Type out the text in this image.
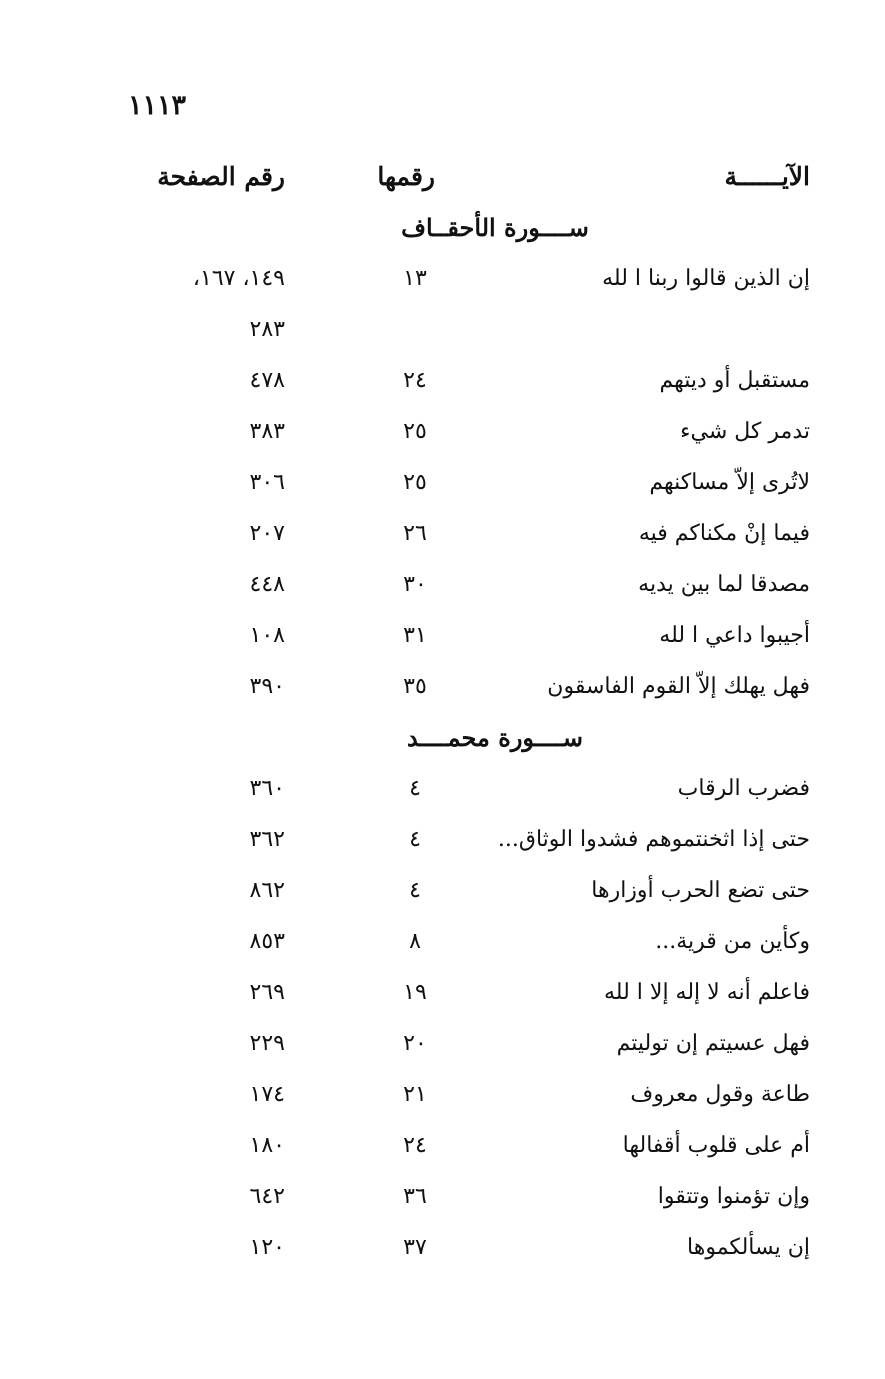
١١١٣
الآيــــــة
رقمها
رقم الصفحة
ســــورة الأحقــاف
إن الذين قالوا ربنا ا لله
١٣
١٤٩، ١٦٧،
٢٨٣
مستقبل أو ديتهم
٢٤
٤٧٨
تدمر كل شيء
٢٥
٣٨٣
لاتُرى إلاّ مساكنهم
٢٥
٣٠٦
فيما إنْ مكناكم فيه
٢٦
٢٠٧
مصدقا لما بين يديه
٣٠
٤٤٨
أجيبوا داعي ا لله
٣١
١٠٨
فهل يهلك إلاّ القوم الفاسقون
٣٥
٣٩٠
ســــورة محمــــد
فضرب الرقاب
٤
٣٦٠
حتى إذا اثخنتموهم فشدوا الوثاق...
٤
٣٦٢
حتى تضع الحرب أوزارها
٤
٨٦٢
وكأين من قرية...
٨
٨٥٣
فاعلم أنه لا إله إلا ا لله
١٩
٢٦٩
فهل عسيتم إن توليتم
٢٠
٢٢٩
طاعة وقول معروف
٢١
١٧٤
أم على قلوب أقفالها
٢٤
١٨٠
وإن تؤمنوا وتتقوا
٣٦
٦٤٢
إن يسألكموها
٣٧
١٢٠
